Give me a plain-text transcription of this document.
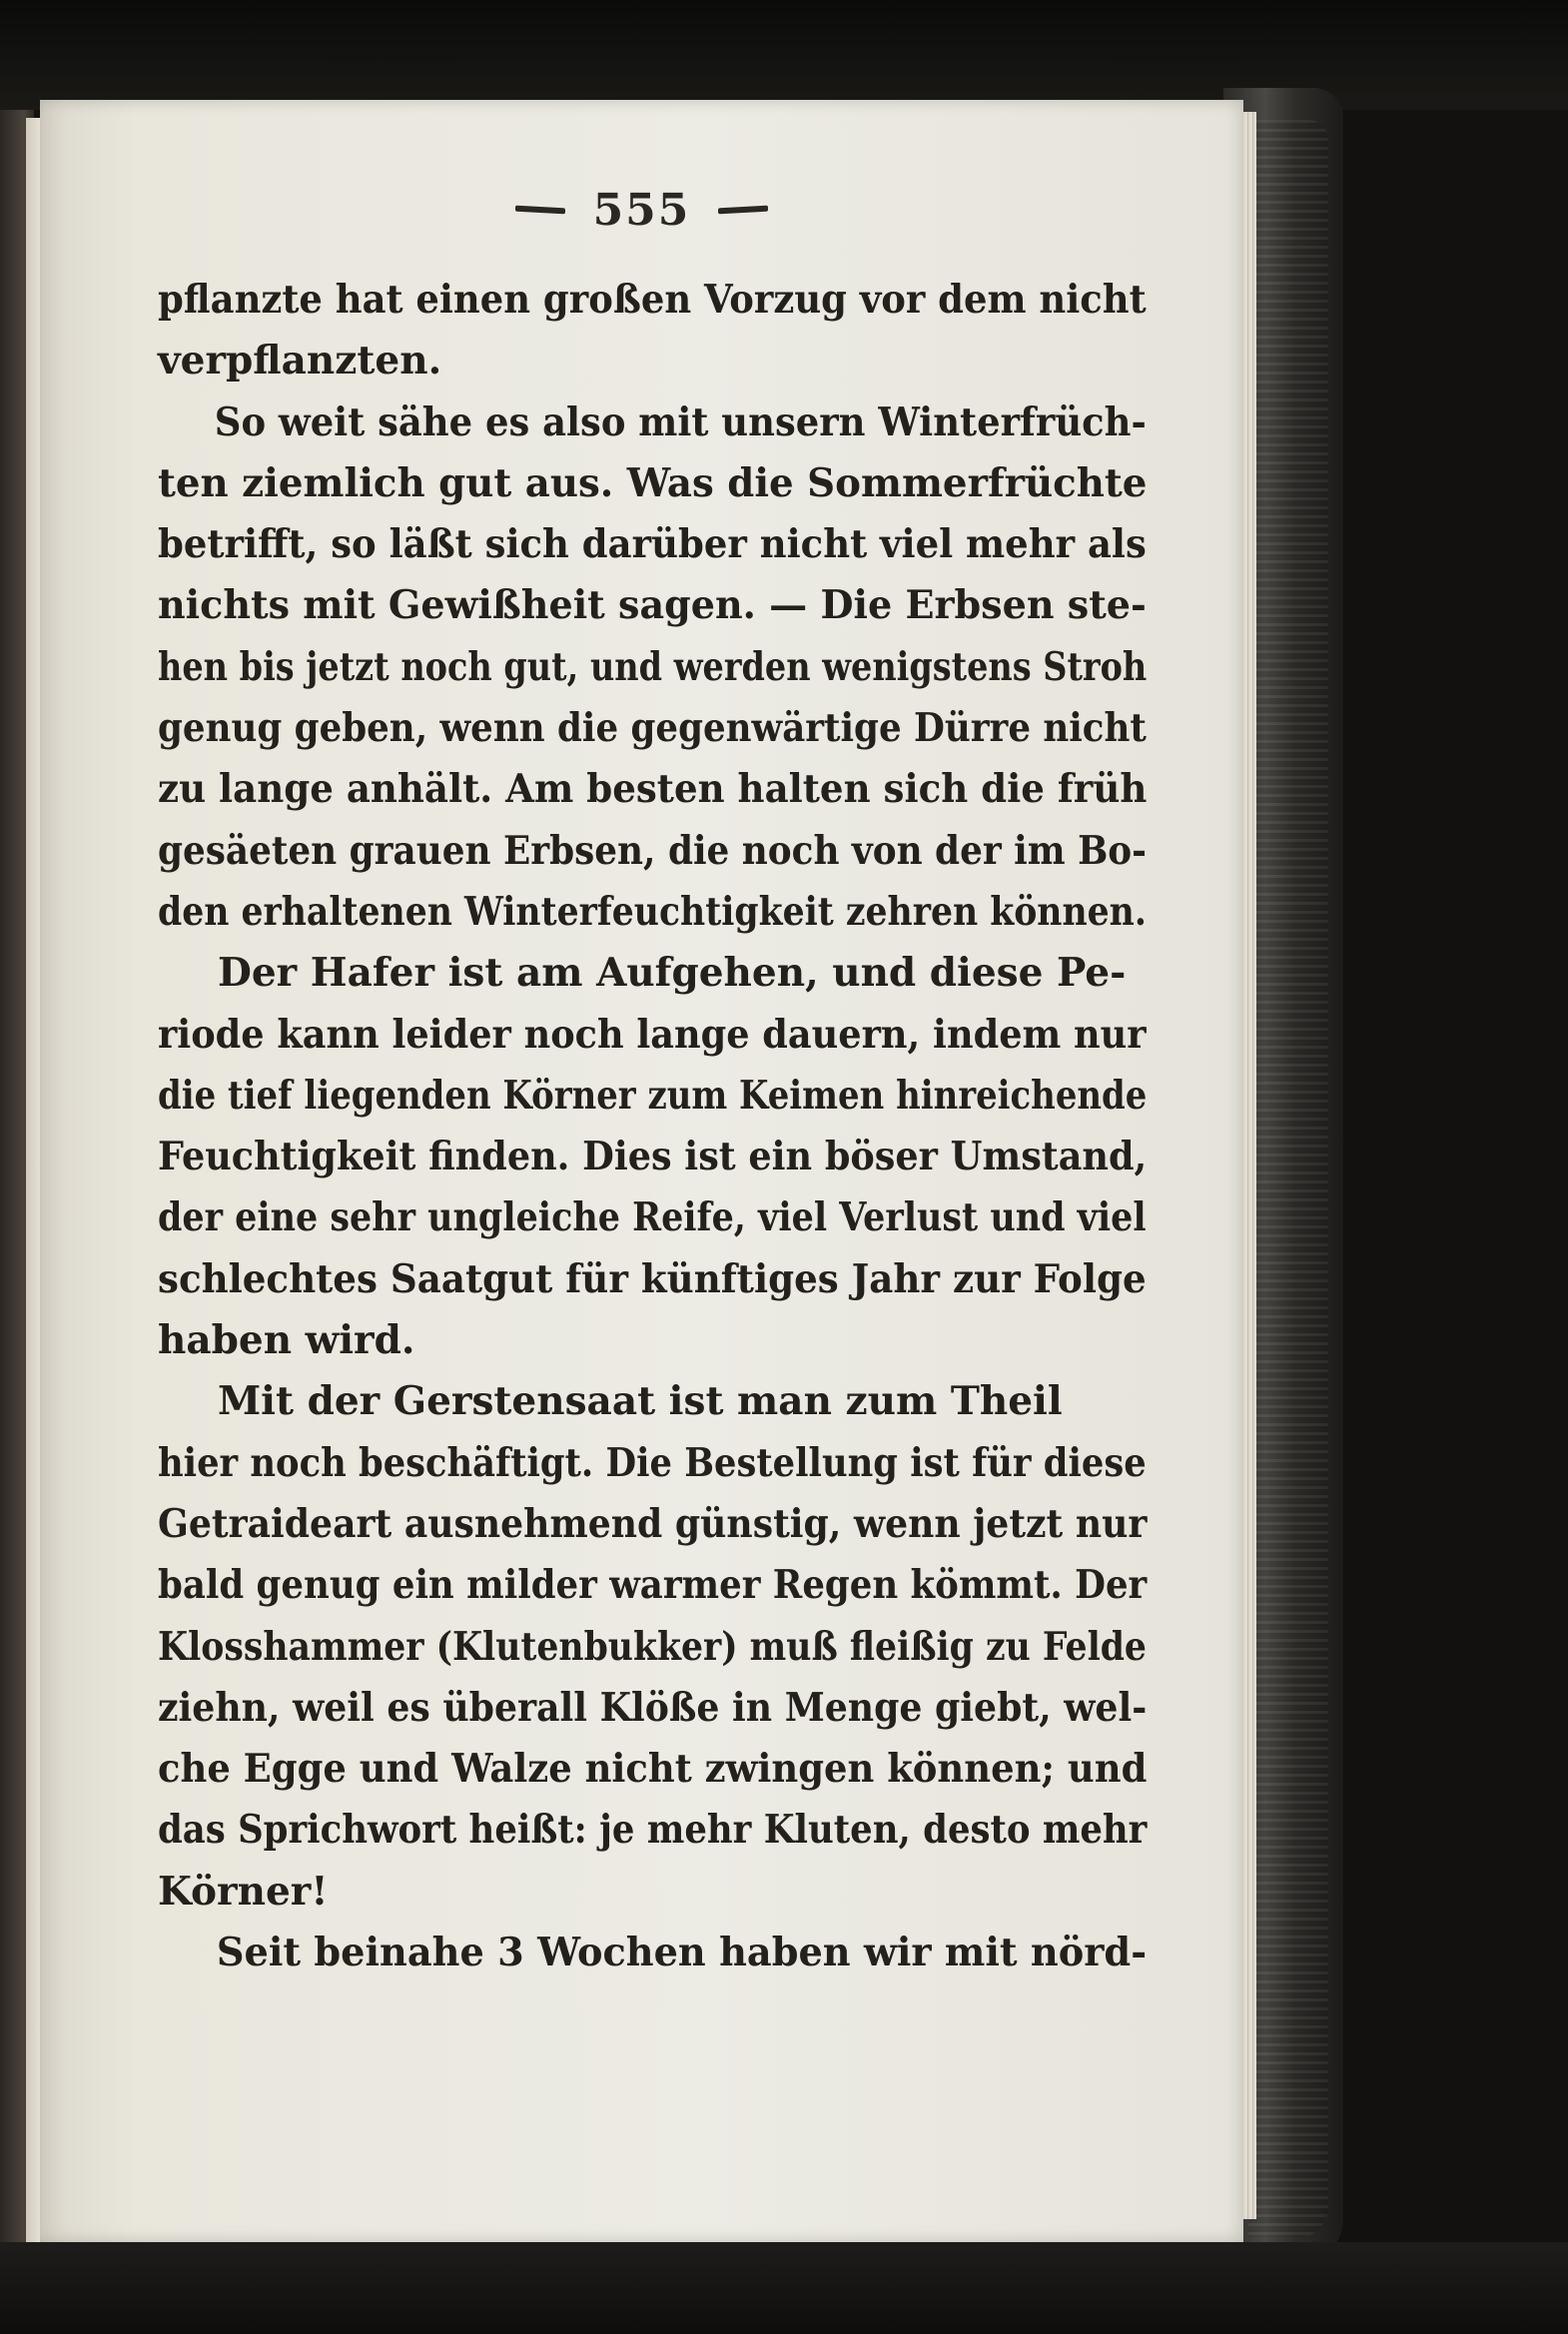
555
pflanzte hat einen großen Vorzug vor dem nicht
verpflanzten.
So weit sähe es also mit unsern Winterfrüch-
ten ziemlich gut aus. Was die Sommerfrüchte
betrifft, so läßt sich darüber nicht viel mehr als
nichts mit Gewißheit sagen. — Die Erbsen ste-
hen bis jetzt noch gut, und werden wenigstens Stroh
genug geben, wenn die gegenwärtige Dürre nicht
zu lange anhält. Am besten halten sich die früh
gesäeten grauen Erbsen, die noch von der im Bo-
den erhaltenen Winterfeuchtigkeit zehren können.
Der Hafer ist am Aufgehen, und diese Pe-
riode kann leider noch lange dauern, indem nur
die tief liegenden Körner zum Keimen hinreichende
Feuchtigkeit finden. Dies ist ein böser Umstand,
der eine sehr ungleiche Reife, viel Verlust und viel
schlechtes Saatgut für künftiges Jahr zur Folge
haben wird.
Mit der Gerstensaat ist man zum Theil
hier noch beschäftigt. Die Bestellung ist für diese
Getraideart ausnehmend günstig, wenn jetzt nur
bald genug ein milder warmer Regen kömmt. Der
Klosshammer (Klutenbukker) muß fleißig zu Felde
ziehn, weil es überall Klöße in Menge giebt, wel-
che Egge und Walze nicht zwingen können; und
das Sprichwort heißt: je mehr Kluten, desto mehr
Körner!
Seit beinahe 3 Wochen haben wir mit nörd-
